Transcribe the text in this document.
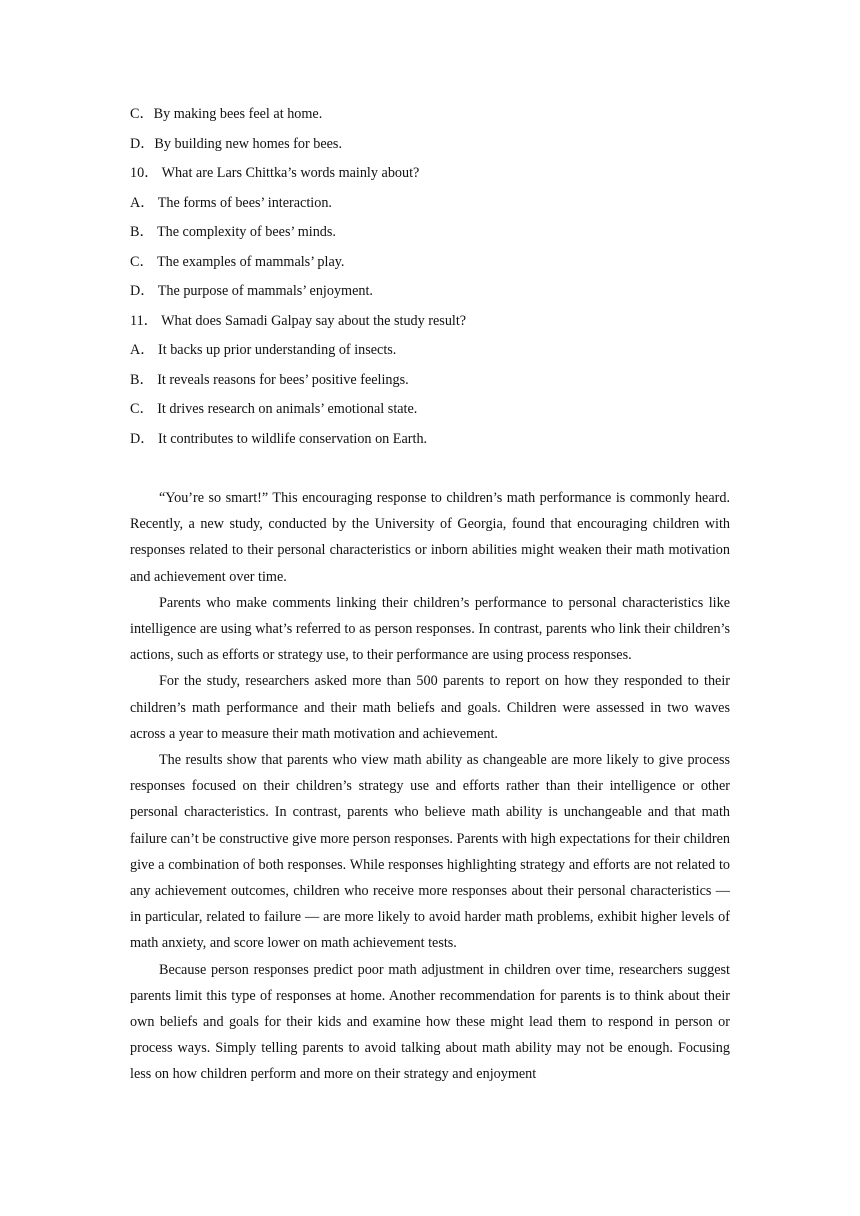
C．By making bees feel at home.
D．By building new homes for bees.
10． What are Lars Chittka’s words mainly about?
A． The forms of bees’ interaction.
B． The complexity of bees’ minds.
C． The examples of mammals’ play.
D． The purpose of mammals’ enjoyment.
11． What does Samadi Galpay say about the study result?
A． It backs up prior understanding of insects.
B． It reveals reasons for bees’ positive feelings.
C． It drives research on animals’ emotional state.
D． It contributes to wildlife conservation on Earth.

“You’re so smart!” This encouraging response to children’s math performance is commonly heard. Recently, a new study, conducted by the University of Georgia, found that encouraging children with responses related to their personal characteristics or inborn abilities might weaken their math motivation and achievement over time.

Parents who make comments linking their children’s performance to personal characteristics like intelligence are using what’s referred to as person responses. In contrast, parents who link their children’s actions, such as efforts or strategy use, to their performance are using process responses.

For the study, researchers asked more than 500 parents to report on how they responded to their children’s math performance and their math beliefs and goals. Children were assessed in two waves across a year to measure their math motivation and achievement.

The results show that parents who view math ability as changeable are more likely to give process responses focused on their children’s strategy use and efforts rather than their intelligence or other personal characteristics. In contrast, parents who believe math ability is unchangeable and that math failure can’t be constructive give more person responses. Parents with high expectations for their children give a combination of both responses. While responses highlighting strategy and efforts are not related to any achievement outcomes, children who receive more responses about their personal characteristics — in particular, related to failure — are more likely to avoid harder math problems, exhibit higher levels of math anxiety, and score lower on math achievement tests.

Because person responses predict poor math adjustment in children over time, researchers suggest parents limit this type of responses at home. Another recommendation for parents is to think about their own beliefs and goals for their kids and examine how these might lead them to respond in person or process ways. Simply telling parents to avoid talking about math ability may not be enough. Focusing less on how children perform and more on their strategy and enjoyment
